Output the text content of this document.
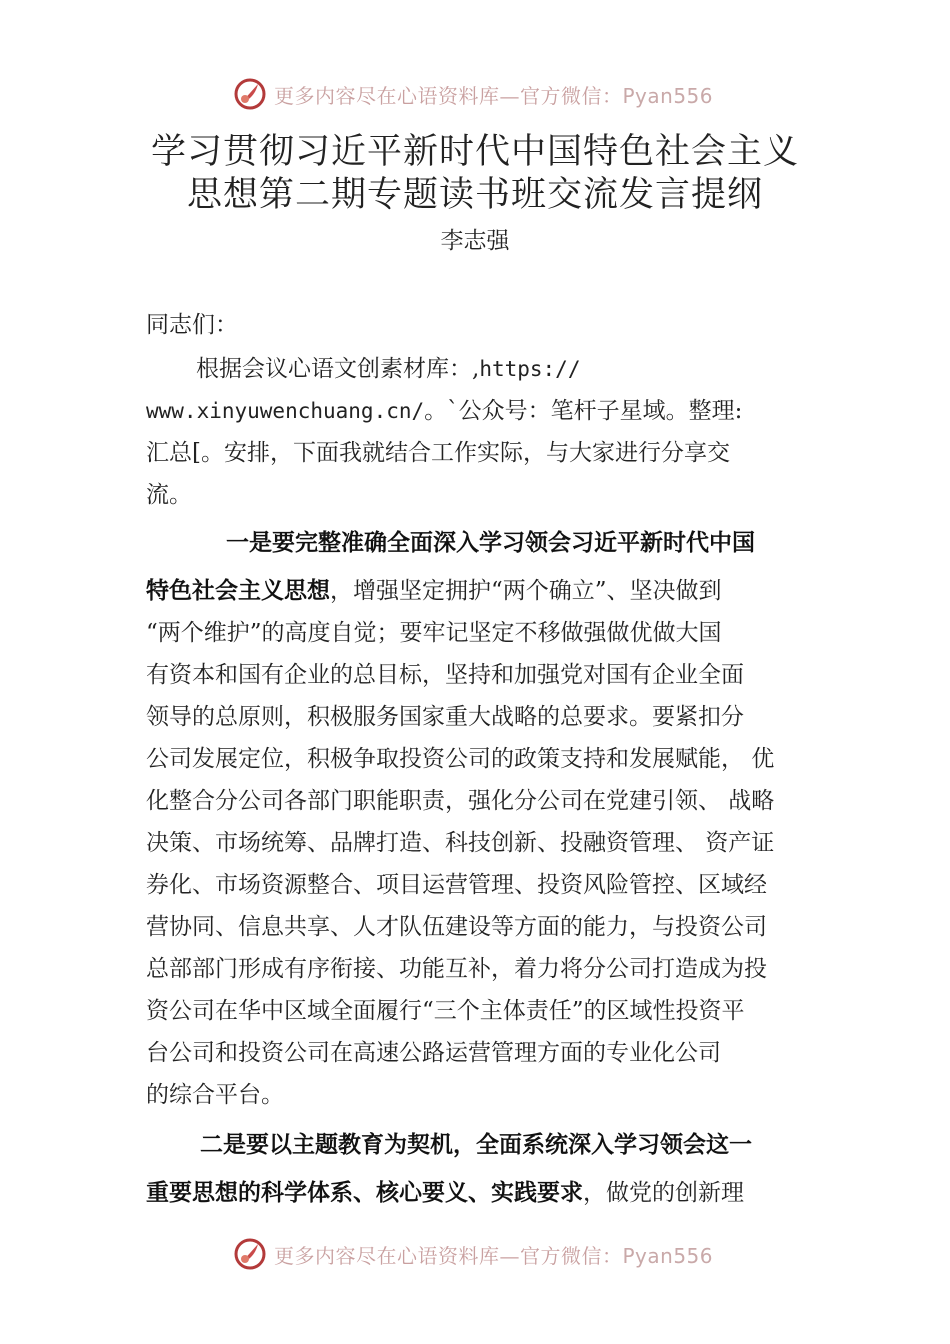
更多内容尽在心语资料库—官方微信：Pyan556
学习贯彻习近平新时代中国特色社会主义
思想第二期专题读书班交流发言提纲
李志强
同志们：
根据会议心语文创素材库：,https://
www.xinyuwenchuang.cn/。`公众号：笔杆子星域。整理:
汇总[。安排，下面我就结合工作实际，与大家进行分享交
流。
一是要完整准确全面深入学习领会习近平新时代中国
特色社会主义思想，增强坚定拥护“两个确立”、坚决做到
“两个维护”的高度自觉；要牢记坚定不移做强做优做大国
有资本和国有企业的总目标，坚持和加强党对国有企业全面
领导的总原则，积极服务国家重大战略的总要求。要紧扣分
公司发展定位，积极争取投资公司的政策支持和发展赋能， 优
化整合分公司各部门职能职责，强化分公司在党建引领、 战略
决策、市场统筹、品牌打造、科技创新、投融资管理、 资产证
券化、市场资源整合、项目运营管理、投资风险管控、区域经
营协同、信息共享、人才队伍建设等方面的能力，与投资公司
总部部门形成有序衔接、功能互补，着力将分公司打造成为投
资公司在华中区域全面履行“三个主体责任”的区域性投资平
台公司和投资公司在高速公路运营管理方面的专业化公司
的综合平台。
二是要以主题教育为契机，全面系统深入学习领会这一
重要思想的科学体系、核心要义、实践要求，做党的创新理
更多内容尽在心语资料库—官方微信：Pyan556
